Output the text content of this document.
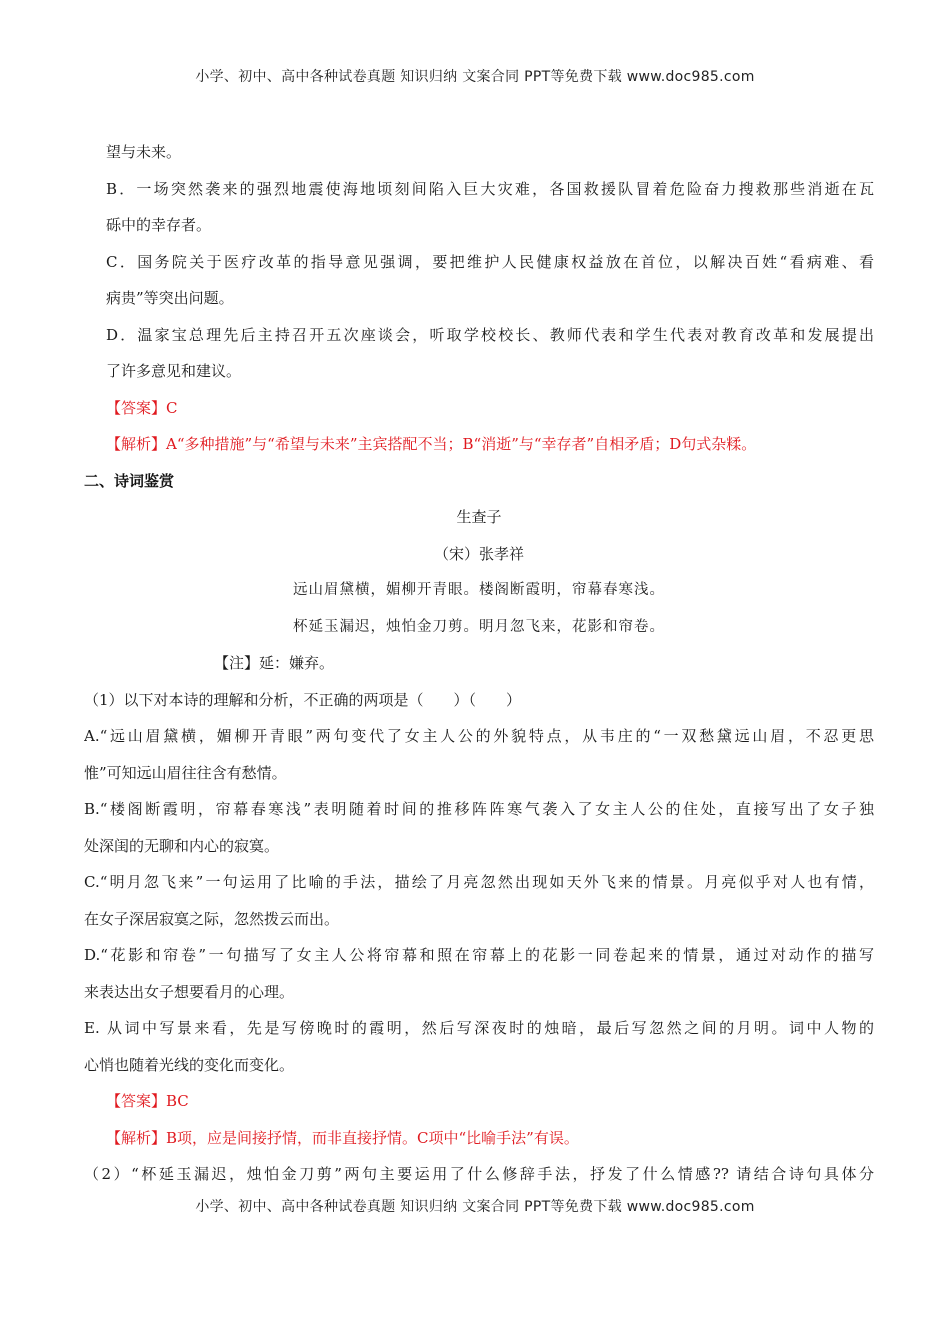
小学、初中、高中各种试卷真题 知识归纳 文案合同 PPT等免费下载 www.doc985.com
望与未来。
B．一场突然袭来的强烈地震使海地顷刻间陷入巨大灾难，各国救援队冒着危险奋力搜救那些消逝在瓦
砾中的幸存者。
C．国务院关于医疗改革的指导意见强调，要把维护人民健康权益放在首位，以解决百姓“看病难、看
病贵”等突出问题。
D．温家宝总理先后主持召开五次座谈会，听取学校校长、教师代表和学生代表对教育改革和发展提出
了许多意见和建议。
【答案】C
【解析】A“多种措施”与“希望与未来”主宾搭配不当；B“消逝”与“幸存者”自相矛盾；D句式杂糅。
二、诗词鉴赏
生查子
（宋）张孝祥
远山眉黛横，媚柳开青眼。楼阁断霞明，帘幕春寒浅。
杯延玉漏迟，烛怕金刀剪。明月忽飞来，花影和帘卷。
【注】延：嫌弃。
（1）以下对本诗的理解和分析，不正确的两项是（　　）（　　）
A.“远山眉黛横，媚柳开青眼”两句变代了女主人公的外貌特点，从韦庄的“一双愁黛远山眉，不忍更思
惟”可知远山眉往往含有愁情。
B.“楼阁断霞明，帘幕春寒浅”表明随着时间的推移阵阵寒气袭入了女主人公的住处，直接写出了女子独
处深闺的无聊和内心的寂寞。
C.“明月忽飞来”一句运用了比喻的手法，描绘了月亮忽然出现如天外飞来的情景。月亮似乎对人也有情，
在女子深居寂寞之际，忽然拨云而出。
D.“花影和帘卷”一句描写了女主人公将帘幕和照在帘幕上的花影一同卷起来的情景，通过对动作的描写
来表达出女子想要看月的心理。
E. 从词中写景来看，先是写傍晚时的霞明，然后写深夜时的烛暗，最后写忽然之间的月明。词中人物的
心悄也随着光线的变化而变化。
【答案】BC
【解析】B项，应是间接抒情，而非直接抒情。C项中“比喻手法”有误。
（2）“杯延玉漏迟，烛怕金刀剪”两句主要运用了什么修辞手法，抒发了什么情感?? 请结合诗句具体分
小学、初中、高中各种试卷真题 知识归纳 文案合同 PPT等免费下载 www.doc985.com
